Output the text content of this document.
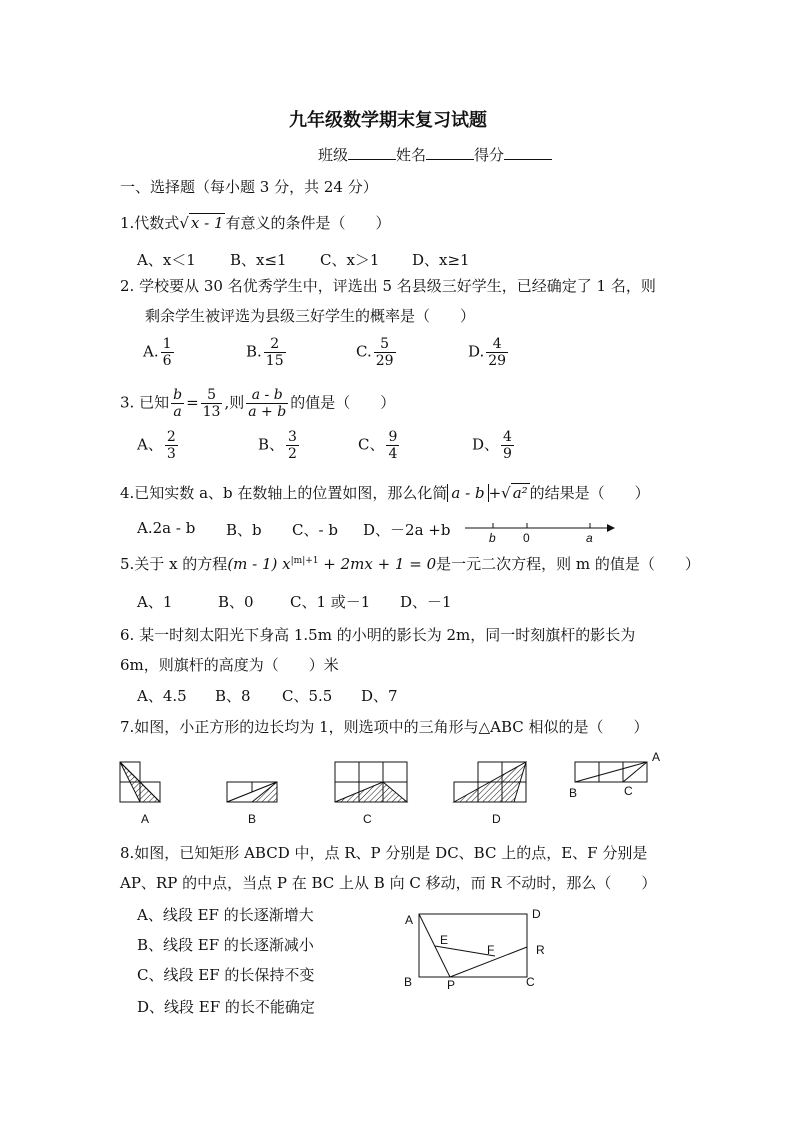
九年级数学期末复习试题
班级	姓名	得分
一、选择题（每小题 3 分，共 24 分）
1.代数式√ x - 1 有意义的条件是（　　）
A、x＜1 B、x≤1 C、x＞1 D、x≥1
2. 学校要从 30 名优秀学生中，评选出 5 名县级三好学生，已经确定了 1 名，则
剩余学生被评选为县级三好学生的概率是（　　）
A. $\frac{1}{6}$	B. $\frac{2}{15}$	C. $\frac{5}{29}$	D. $\frac{4}{29}$
3. 已知 $\frac{b}{a} = \frac{5}{13}$ ,则 $\frac{a - b}{a + b}$ 的值是（　　）
A、 $\frac{2}{3}$	B、 $\frac{3}{2}$	C、 $\frac{9}{4}$	D、 $\frac{4}{9}$
4.已知实数 a、b 在数轴上的位置如图，那么化简 a - b +√ a² 的结果是（　　）
A.2a - b B、b C、- b D、－2a +b	b 0	a
5.关于 x 的方程(m - 1) $x^{|m|+1} + 2mx + 1 = 0$是一元二次方程，则 m 的值是（　　）
A、1	B、0 C、1 或－1 D、－1
6. 某一时刻太阳光下身高 1.5m 的小明的影长为 2m，同一时刻旗杆的影长为
6m，则旗杆的高度为（　　）米
A、4.5 B、8 C、5.5 D、7
7.如图，小正方形的边长均为 1，则选项中的三角形与△ABC 相似的是（　　）
A	B	C	D
A
B	C
A	D
B	C
E
F
P
R
8.如图，已知矩形 ABCD 中，点 R、P 分别是 DC、BC 上的点，E、F 分别是
AP、RP 的中点，当点 P 在 BC 上从 B 向 C 移动，而 R 不动时，那么（　　）
A、线段 EF 的长逐渐增大
B、线段 EF 的长逐渐减小
C、线段 EF 的长保持不变
D、线段 EF 的长不能确定
